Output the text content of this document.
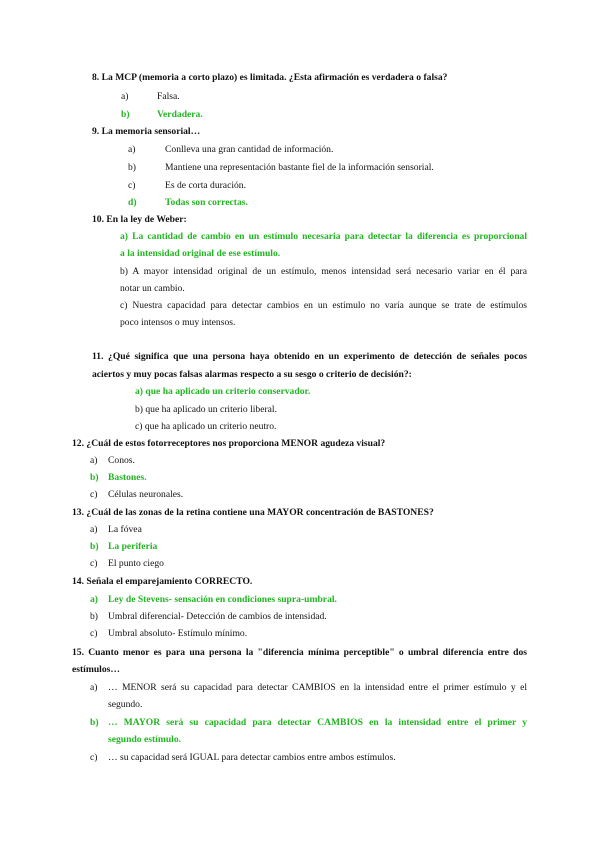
8. La MCP (memoria a corto plazo) es limitada. ¿Esta afirmación es verdadera o falsa?
a)	Falsa.
b)	Verdadera.
9. La memoria sensorial…
a)	Conlleva una gran cantidad de información.
b)	Mantiene una representación bastante fiel de la información sensorial.
c)	Es de corta duración.
d)	Todas son correctas.
10. En la ley de Weber:
a) La cantidad de cambio en un estímulo necesaria para detectar la diferencia es proporcional
a la intensidad original de ese estímulo.
b) A mayor intensidad original de un estímulo, menos intensidad será necesario variar en él para
notar un cambio.
c) Nuestra capacidad para detectar cambios en un estímulo no varía aunque se trate de estímulos
poco intensos o muy intensos.
11. ¿Qué significa que una persona haya obtenido en un experimento de detección de señales pocos
aciertos y muy pocas falsas alarmas respecto a su sesgo o criterio de decisión?:
a) que ha aplicado un criterio conservador.
b) que ha aplicado un criterio liberal.
c) que ha aplicado un criterio neutro.
12. ¿Cuál de estos fotorreceptores nos proporciona MENOR agudeza visual?
a) Conos.
b) Bastones.
c) Células neuronales.
13. ¿Cuál de las zonas de la retina contiene una MAYOR concentración de BASTONES?
a) La fóvea
b) La periferia
c) El punto ciego
14. Señala el emparejamiento CORRECTO.
a) Ley de Stevens- sensación en condiciones supra-umbral.
b) Umbral diferencial- Detección de cambios de intensidad.
c) Umbral absoluto- Estímulo mínimo.
15. Cuanto menor es para una persona la "diferencia mínima perceptible" o umbral diferencia entre dos
estímulos…
a) … MENOR será su capacidad para detectar CAMBIOS en la intensidad entre el primer estímulo y el
segundo.
b) … MAYOR será su capacidad para detectar CAMBIOS en la intensidad entre el primer y
segundo estímulo.
c) … su capacidad será IGUAL para detectar cambios entre ambos estímulos.
